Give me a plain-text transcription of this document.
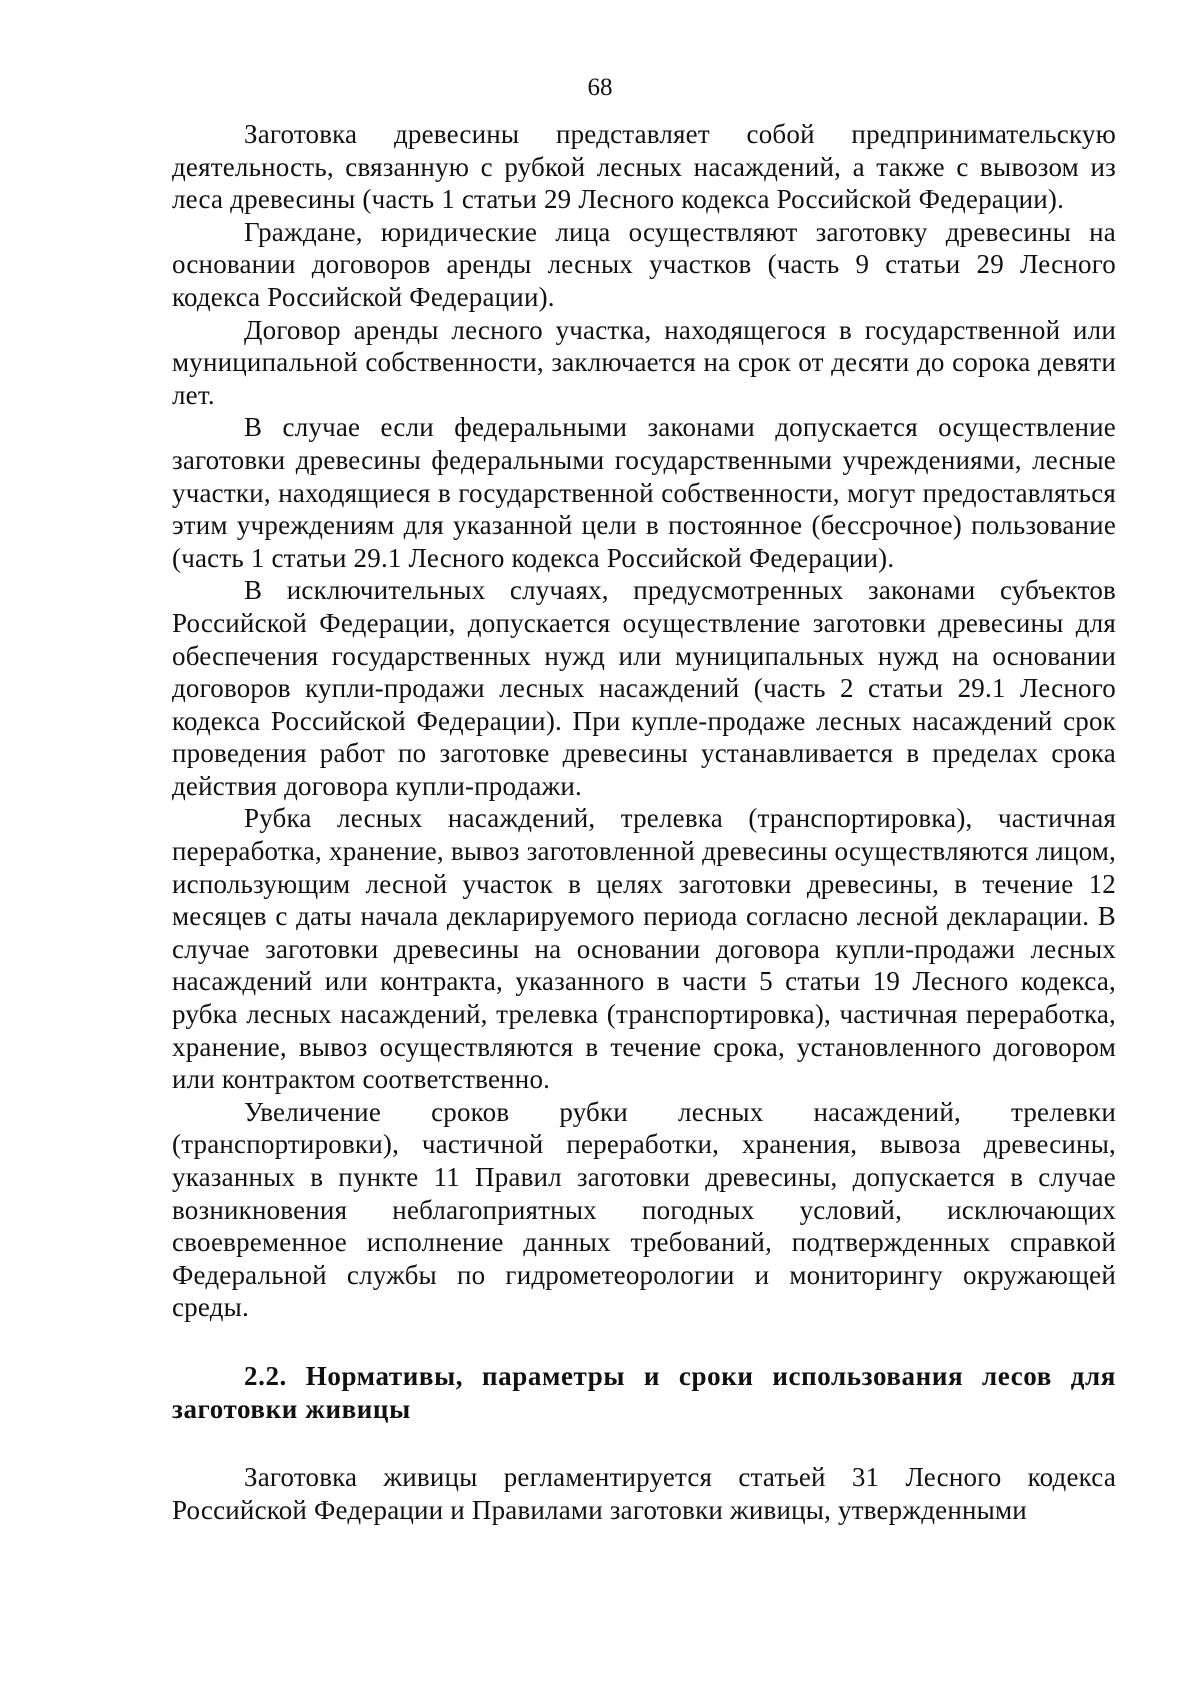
68

Заготовка древесины представляет собой предпринимательскую деятельность, связанную с рубкой лесных насаждений, а также с вывозом из леса древесины (часть 1 статьи 29 Лесного кодекса Российской Федерации).

Граждане, юридические лица осуществляют заготовку древесины на основании договоров аренды лесных участков (часть 9 статьи 29 Лесного кодекса Российской Федерации).

Договор аренды лесного участка, находящегося в государственной или муниципальной собственности, заключается на срок от десяти до сорока девяти лет.

В случае если федеральными законами допускается осуществление заготовки древесины федеральными государственными учреждениями, лесные участки, находящиеся в государственной собственности, могут предоставляться этим учреждениям для указанной цели в постоянное (бессрочное) пользование (часть 1 статьи 29.1 Лесного кодекса Российской Федерации).

В исключительных случаях, предусмотренных законами субъектов Российской Федерации, допускается осуществление заготовки древесины для обеспечения государственных нужд или муниципальных нужд на основании договоров купли-продажи лесных насаждений (часть 2 статьи 29.1 Лесного кодекса Российской Федерации). При купле-продаже лесных насаждений срок проведения работ по заготовке древесины устанавливается в пределах срока действия договора купли-продажи.

Рубка лесных насаждений, трелевка (транспортировка), частичная переработка, хранение, вывоз заготовленной древесины осуществляются лицом, использующим лесной участок в целях заготовки древесины, в течение 12 месяцев с даты начала декларируемого периода согласно лесной декларации. В случае заготовки древесины на основании договора купли-продажи лесных насаждений или контракта, указанного в части 5 статьи 19 Лесного кодекса, рубка лесных насаждений, трелевка (транспортировка), частичная переработка, хранение, вывоз осуществляются в течение срока, установленного договором или контрактом соответственно.

Увеличение сроков рубки лесных насаждений, трелевки (транспортировки), частичной переработки, хранения, вывоза древесины, указанных в пункте 11 Правил заготовки древесины, допускается в случае возникновения неблагоприятных погодных условий, исключающих своевременное исполнение данных требований, подтвержденных справкой Федеральной службы по гидрометеорологии и мониторингу окружающей среды.

2.2. Нормативы, параметры и сроки использования лесов для заготовки живицы

Заготовка живицы регламентируется статьей 31 Лесного кодекса Российской Федерации и Правилами заготовки живицы, утвержденными
